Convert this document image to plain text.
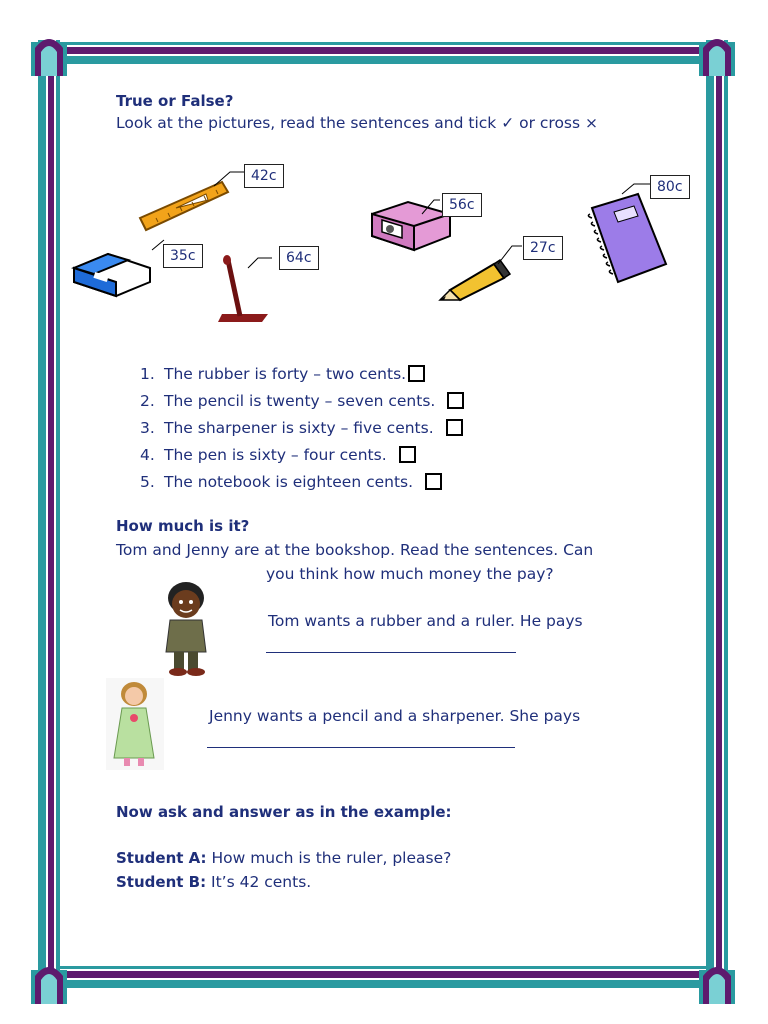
True or False?
Look at the pictures, read the sentences and tick ✓ or cross ×
42c
35c	64c
56c
27c
80c
1. The rubber is forty – two cents.
2. The pencil is twenty – seven cents.
3. The sharpener is sixty – five cents.
4. The pen is sixty – four cents.
5. The notebook is eighteen cents.
How much is it?
Tom and Jenny are at the bookshop. Read the sentences. Can
you think how much money the pay?
Tom wants a rubber and a ruler. He pays
Jenny wants a pencil and a sharpener. She pays
Now ask and answer as in the example:
Student A: How much is the ruler, please?
Student B: It’s 42 cents.
